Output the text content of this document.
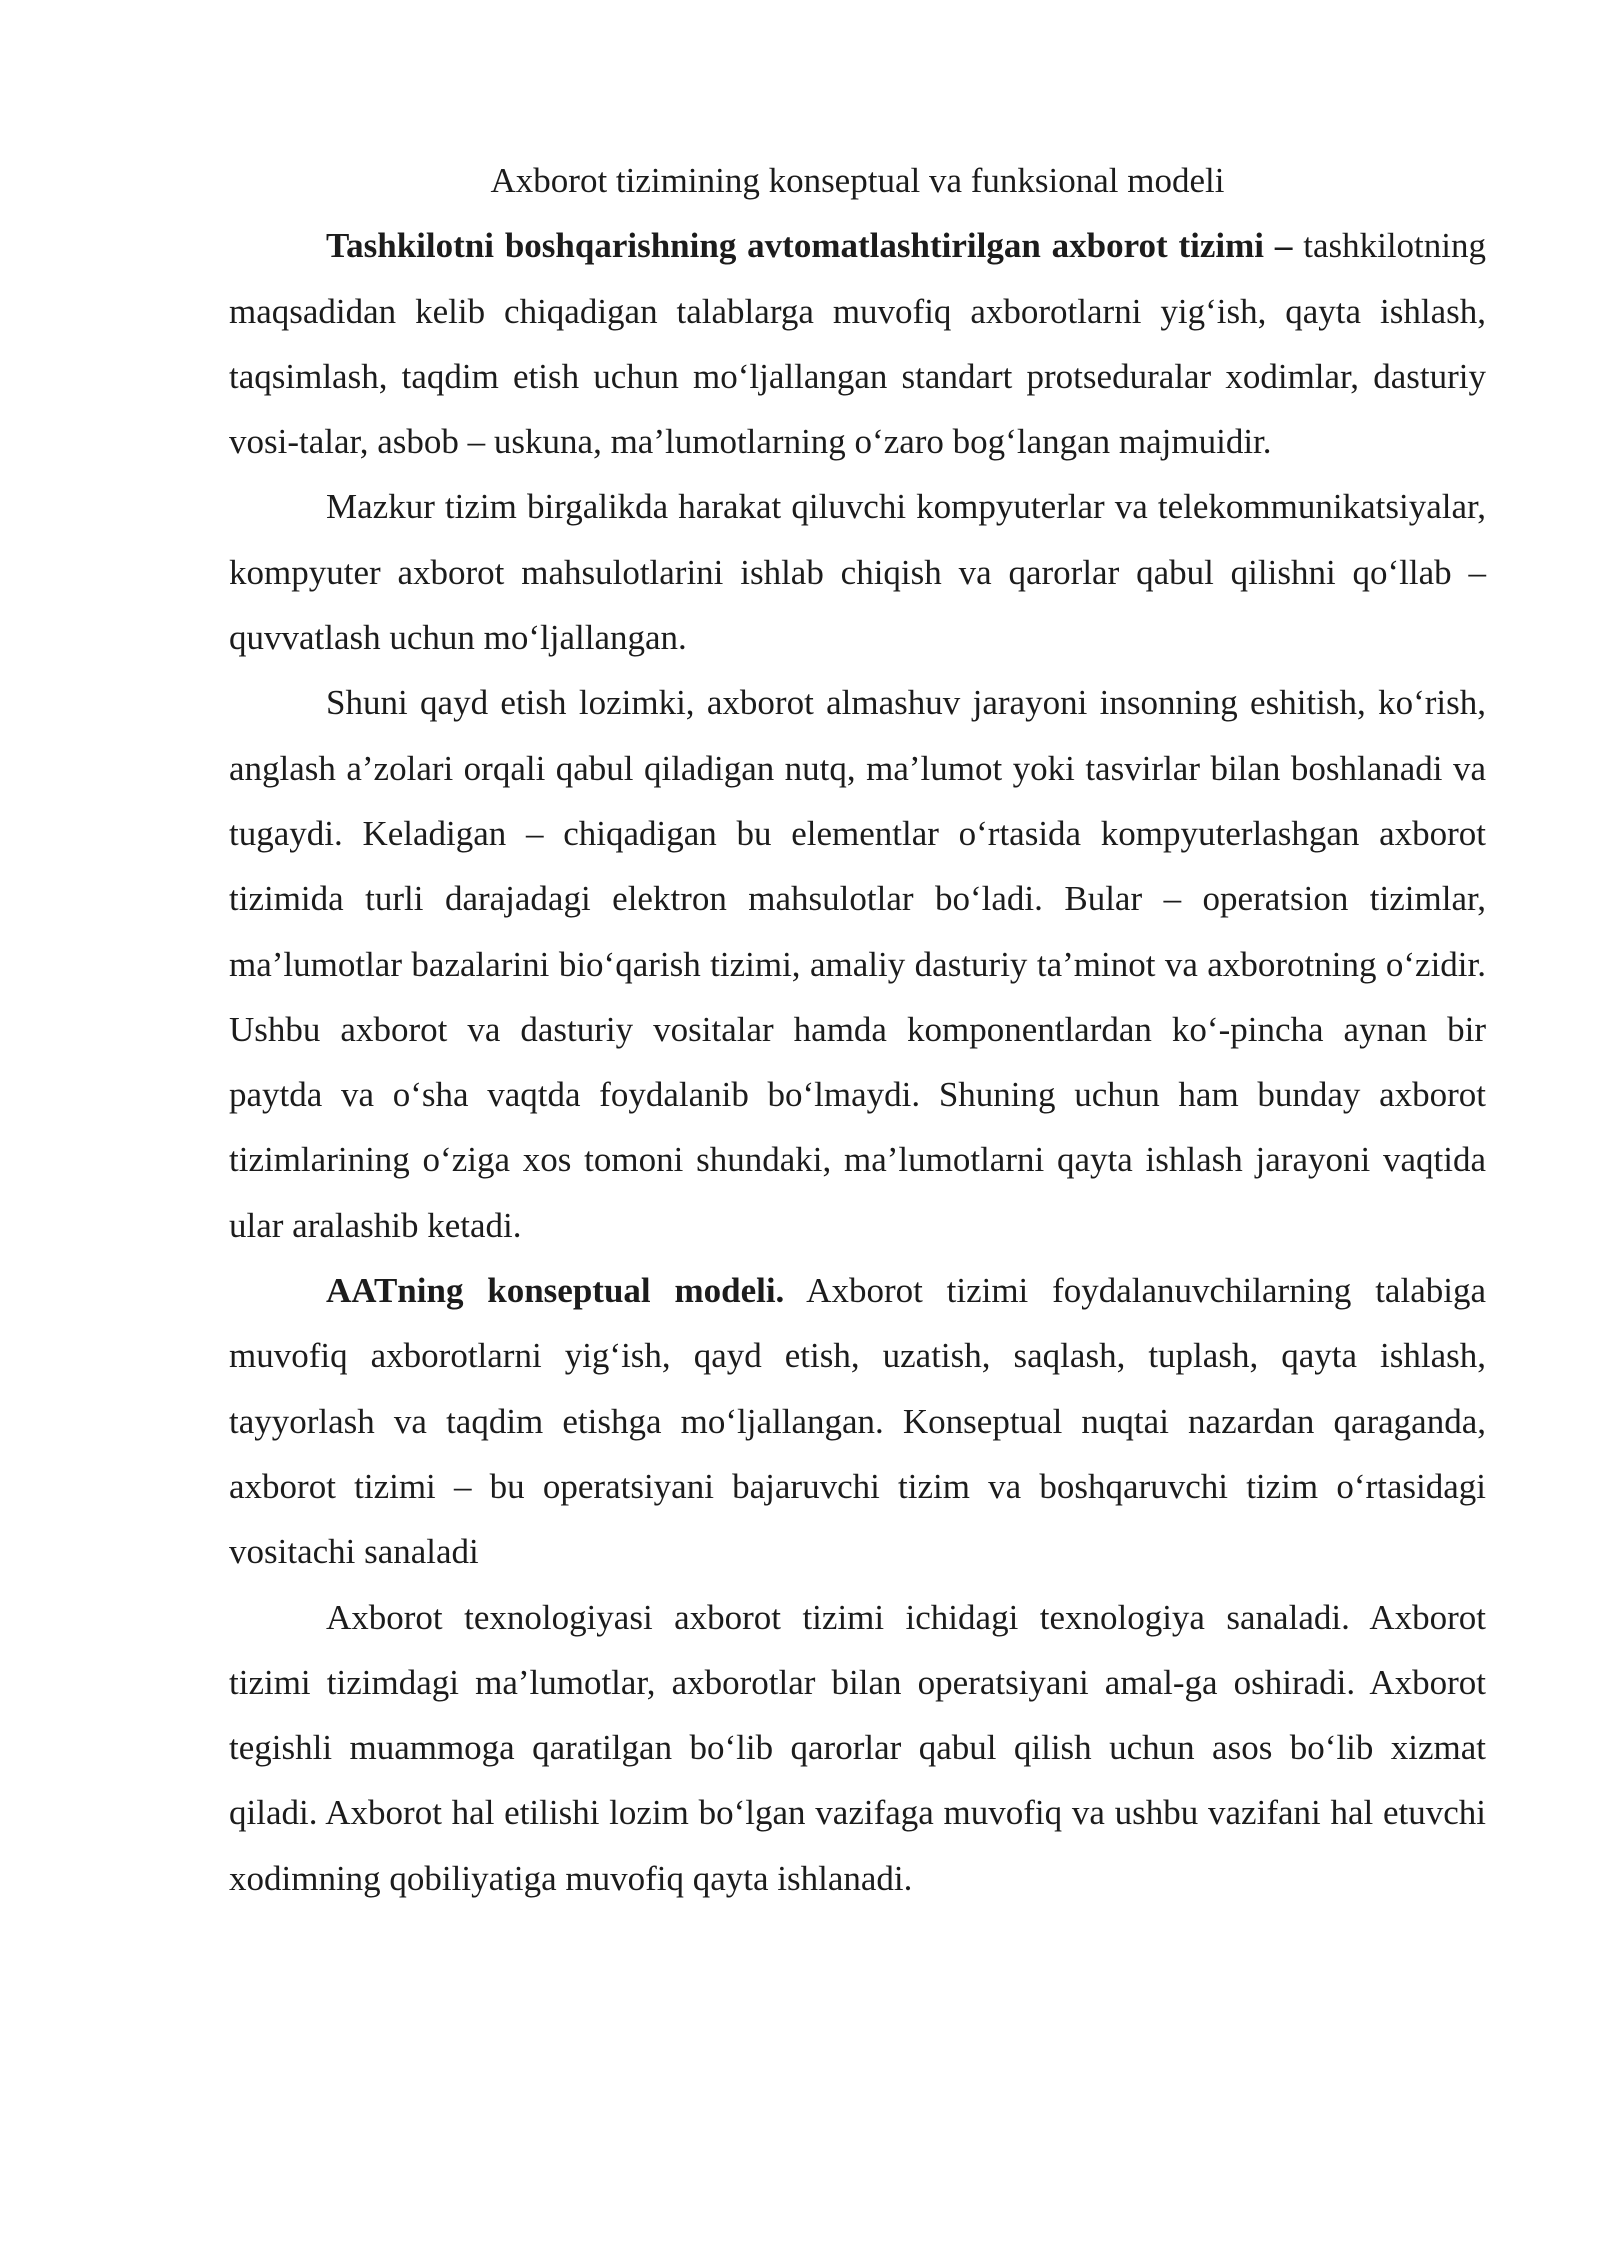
Axborot tizimining konseptual va funksional modeli

Tashkilotni boshqarishning avtomatlashtirilgan axborot tizimi – tashkilotning maqsadidan kelib chiqadigan talablarga muvofiq axborotlarni yig‘ish, qayta ishlash, taqsimlash, taqdim etish uchun mo‘ljallangan standart protseduralar xodimlar, dasturiy vosi-talar, asbob – uskuna, ma’lumotlarning o‘zaro bog‘langan majmuidir.

Mazkur tizim birgalikda harakat qiluvchi kompyuterlar va telekommunikatsiyalar, kompyuter axborot mahsulotlarini ishlab chiqish va qarorlar qabul qilishni qo‘llab – quvvatlash uchun mo‘ljallangan.

Shuni qayd etish lozimki, axborot almashuv jarayoni insonning eshitish, ko‘rish, anglash a’zolari orqali qabul qiladigan nutq, ma’lumot yoki tasvirlar bilan boshlanadi va tugaydi. Keladigan – chiqadigan bu elementlar o‘rtasida kompyuterlashgan axborot tizimida turli darajadagi elektron mahsulotlar bo‘ladi. Bular – operatsion tizimlar, ma’lumotlar bazalarini bio‘qarish tizimi, amaliy dasturiy ta’minot va axborotning o‘zidir. Ushbu axborot va dasturiy vositalar hamda komponentlardan ko‘-pincha aynan bir paytda va o‘sha vaqtda foydalanib bo‘lmaydi. Shuning uchun ham bunday axborot tizimlarining o‘ziga xos tomoni shundaki, ma’lumotlarni qayta ishlash jarayoni vaqtida ular aralashib ketadi.

AATning konseptual modeli. Axborot tizimi foydalanuvchilarning talabiga muvofiq axborotlarni yig‘ish, qayd etish, uzatish, saqlash, tuplash, qayta ishlash, tayyorlash va taqdim etishga mo‘ljallangan. Konseptual nuqtai nazardan qaraganda, axborot tizimi – bu operatsiyani bajaruvchi tizim va boshqaruvchi tizim o‘rtasidagi vositachi sanaladi

Axborot texnologiyasi axborot tizimi ichidagi texnologiya sanaladi. Axborot tizimi tizimdagi ma’lumotlar, axborotlar bilan operatsiyani amal-ga oshiradi. Axborot tegishli muammoga qaratilgan bo‘lib qarorlar qabul qilish uchun asos bo‘lib xizmat qiladi. Axborot hal etilishi lozim bo‘lgan vazifaga muvofiq va ushbu vazifani hal etuvchi xodimning qobiliyatiga muvofiq qayta ishlanadi.
